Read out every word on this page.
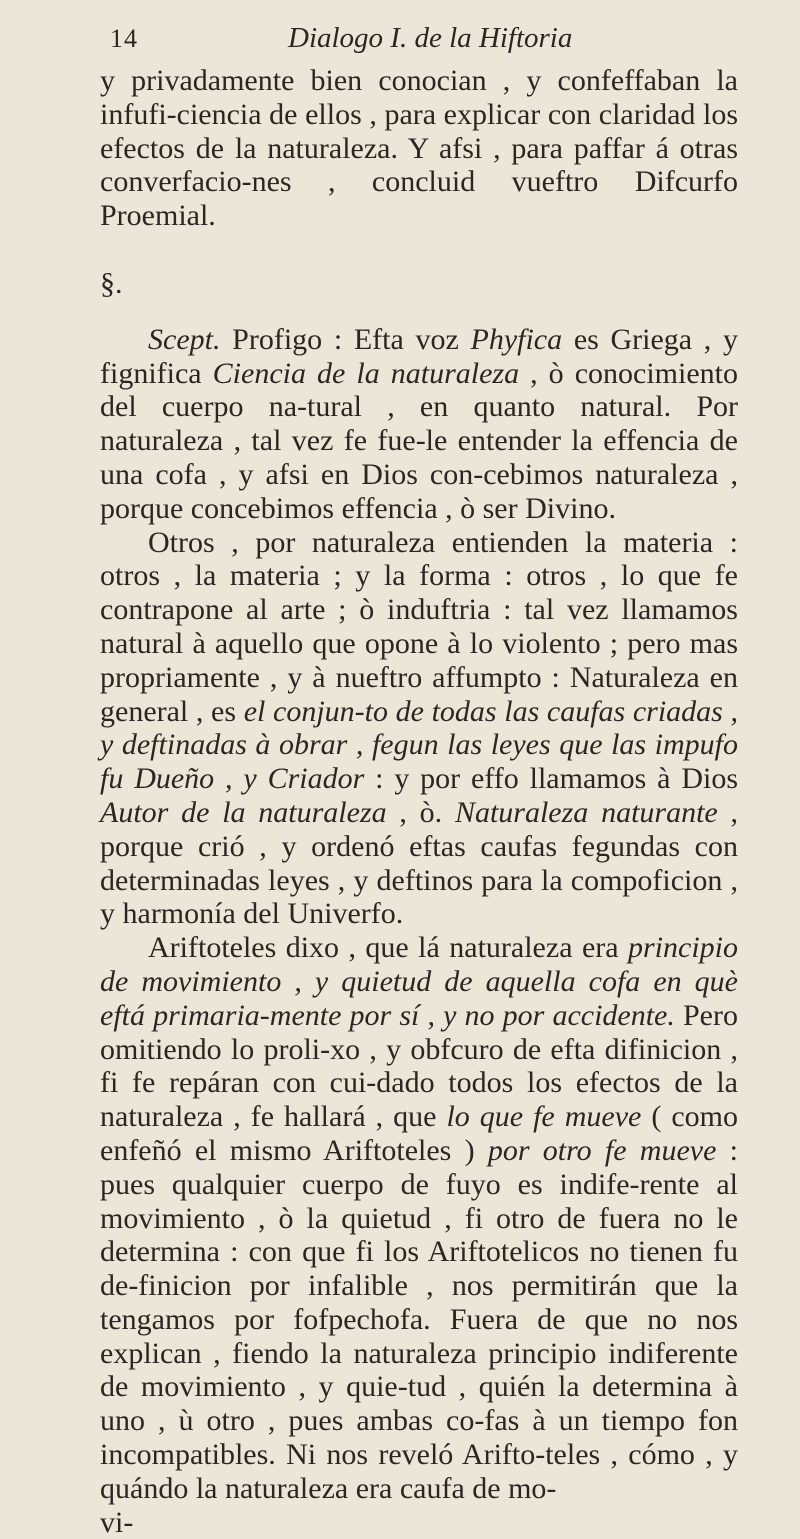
14	Dialogo I. de la Hiftoria

y privadamente bien conocian , y confeffaban la infufi-ciencia de ellos , para explicar con claridad los efectos de la naturaleza. Y afsi , para paffar á otras converfacio-nes , concluid vueftro Difcurfo Proemial.

§.

Scept. Profigo : Efta voz Phyfica es Griega , y fignifica Ciencia de la naturaleza , ò conocimiento del cuerpo na-tural , en quanto natural. Por naturaleza , tal vez fe fue-le entender la effencia de una cofa , y afsi en Dios con-cebimos naturaleza , porque concebimos effencia , ò ser Divino.

Otros , por naturaleza entienden la materia : otros , la materia ; y la forma : otros , lo que fe contrapone al arte ; ò induftria : tal vez llamamos natural à aquello que opone à lo violento ; pero mas propriamente , y à nueftro affumpto : Naturaleza en general , es el conjun-to de todas las caufas criadas , y deftinadas à obrar , fegun las leyes que las impufo fu Dueño , y Criador : y por effo llamamos à Dios Autor de la naturaleza , ò. Naturaleza naturante , porque crió , y ordenó eftas caufas fegundas con determinadas leyes , y deftinos para la compoficion , y harmonía del Univerfo.

Ariftoteles dixo , que lá naturaleza era principio de movimiento , y quietud de aquella cofa en què eftá primaria-mente por sí , y no por accidente. Pero omitiendo lo proli-xo , y obfcuro de efta difinicion , fi fe repáran con cui-dado todos los efectos de la naturaleza , fe hallará , que lo que fe mueve ( como enfeñó el mismo Ariftoteles ) por otro fe mueve : pues qualquier cuerpo de fuyo es indife-rente al movimiento , ò la quietud , fi otro de fuera no le determina : con que fi los Ariftotelicos no tienen fu de-finicion por infalible , nos permitirán que la tengamos por fofpechofa. Fuera de que no nos explican , fiendo la naturaleza principio indiferente de movimiento , y quie-tud , quién la determina à uno , ù otro , pues ambas co-fas à un tiempo fon incompatibles. Ni nos reveló Arifto-teles , cómo , y quándo la naturaleza era caufa de mo-

vi-
